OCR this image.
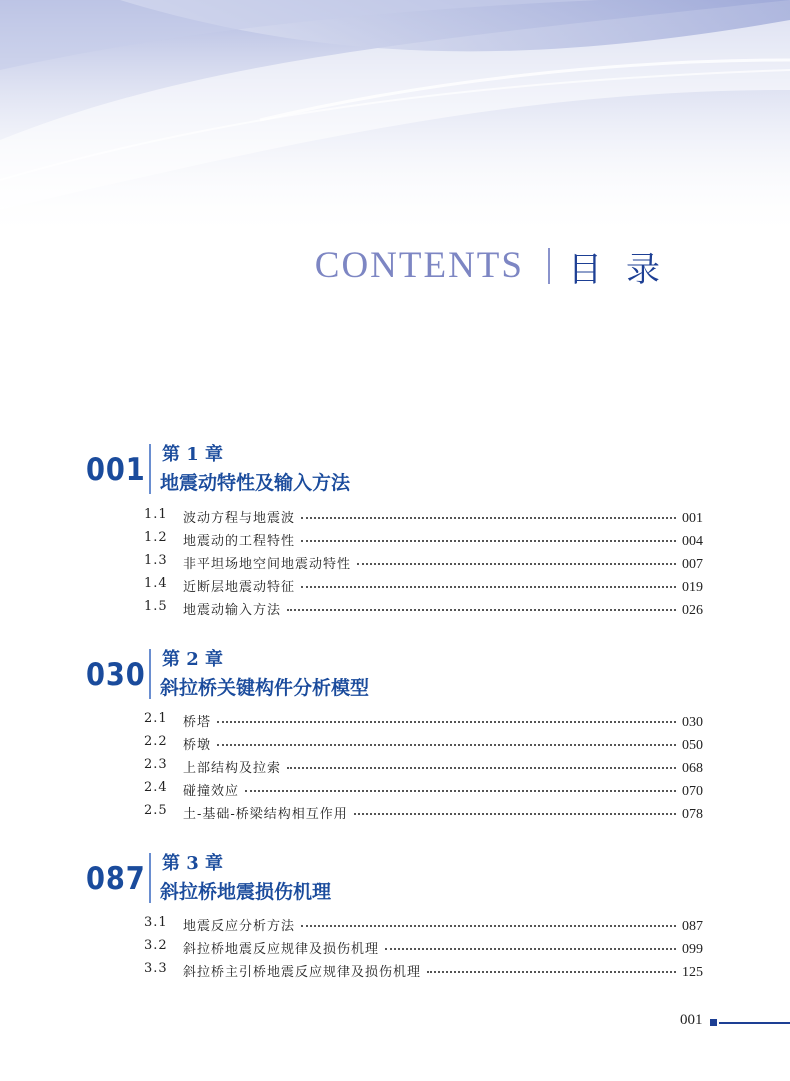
CONTENTS 目录
001 第 1 章
地震动特性及输入方法
1.1 波动方程与地震波	001
1.2 地震动的工程特性	004
1.3 非平坦场地空间地震动特性	007
1.4 近断层地震动特征	019
1.5 地震动输入方法	026
030 第 2 章
斜拉桥关键构件分析模型
2.1 桥塔	030
2.2 桥墩	050
2.3 上部结构及拉索	068
2.4 碰撞效应	070
2.5 土-基础-桥梁结构相互作用	078
087 第 3 章
斜拉桥地震损伤机理
3.1 地震反应分析方法	087
3.2 斜拉桥地震反应规律及损伤机理	099
3.3 斜拉桥主引桥地震反应规律及损伤机理	125
001
